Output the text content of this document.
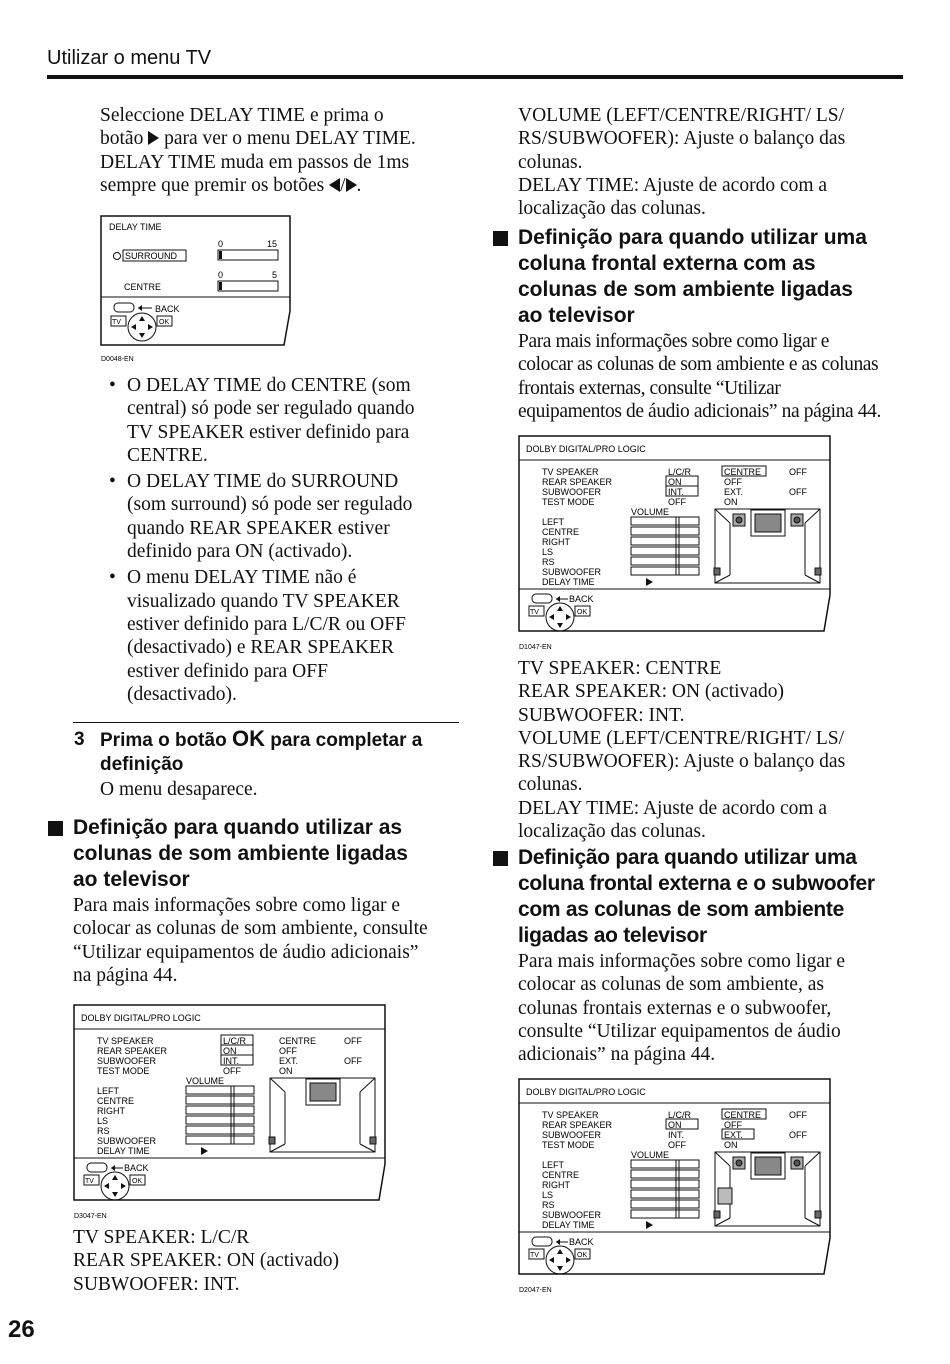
Utilizar o menu TV
Seleccione DELAY TIME e prima o
botão  para ver o menu DELAY TIME.
DELAY TIME muda em passos de 1ms
sempre que premir os botões / .
DELAY TIME
SURROUND
0	15
CENTRE
0	5
BACK
TV	OK
D0048-EN
• O DELAY TIME do CENTRE (som
central) só pode ser regulado quando
TV SPEAKER estiver definido para
CENTRE.
• O DELAY TIME do SURROUND
(som surround) só pode ser regulado
quando REAR SPEAKER estiver
definido para ON (activado).
• O menu DELAY TIME não é
visualizado quando TV SPEAKER
estiver definido para L/C/R ou OFF
(desactivado) e REAR SPEAKER
estiver definido para OFF
(desactivado).
3 Prima o botão OK para completar a
definição
O menu desaparece.
Definição para quando utilizar as
colunas de som ambiente ligadas
ao televisor
Para mais informações sobre como ligar e
colocar as colunas de som ambiente, consulte
“Utilizar equipamentos de áudio adicionais”
na página 44.
DOLBY DIGITAL/PRO LOGIC
TV SPEAKER
REAR SPEAKER
SUBWOOFER
TEST MODE
L/C/R
ON
INT.
OFF
CENTRE
OFF
EXT.
ON
OFF
OFF
VOLUME
LEFT
CENTRE
RIGHT
LS
RS
SUBWOOFER
DELAY TIME
BACK
TV	OK
D3047-EN
TV SPEAKER: L/C/R
REAR SPEAKER: ON (activado)
SUBWOOFER: INT.
VOLUME (LEFT/CENTRE/RIGHT/ LS/
RS/SUBWOOFER): Ajuste o balanço das
colunas.
DELAY TIME: Ajuste de acordo com a
localização das colunas.
Definição para quando utilizar uma
coluna frontal externa com as
colunas de som ambiente ligadas
ao televisor
Para mais informações sobre como ligar e
colocar as colunas de som ambiente e as colunas
frontais externas, consulte “Utilizar
equipamentos de áudio adicionais” na página 44.
DOLBY DIGITAL/PRO LOGIC
TV SPEAKER
REAR SPEAKER
SUBWOOFER
TEST MODE
L/C/R
ON
INT.
OFF
CENTRE
OFF
EXT.
ON
OFF
OFF
VOLUME
LEFT
CENTRE
RIGHT
LS
RS
SUBWOOFER
DELAY TIME
BACK
TV	OK
D1047-EN
TV SPEAKER: CENTRE
REAR SPEAKER: ON (activado)
SUBWOOFER: INT.
VOLUME (LEFT/CENTRE/RIGHT/ LS/
RS/SUBWOOFER): Ajuste o balanço das
colunas.
DELAY TIME: Ajuste de acordo com a
localização das colunas.
Definição para quando utilizar uma
coluna frontal externa e o subwoofer
com as colunas de som ambiente
ligadas ao televisor
Para mais informações sobre como ligar e
colocar as colunas de som ambiente, as
colunas frontais externas e o subwoofer,
consulte “Utilizar equipamentos de áudio
adicionais” na página 44.
DOLBY DIGITAL/PRO LOGIC
TV SPEAKER
REAR SPEAKER
SUBWOOFER
TEST MODE
L/C/R
ON
INT.
OFF
CENTRE
OFF
EXT.
ON
OFF
OFF
VOLUME
LEFT
CENTRE
RIGHT
LS
RS
SUBWOOFER
DELAY TIME
BACK
TV	OK
D2047-EN
26
